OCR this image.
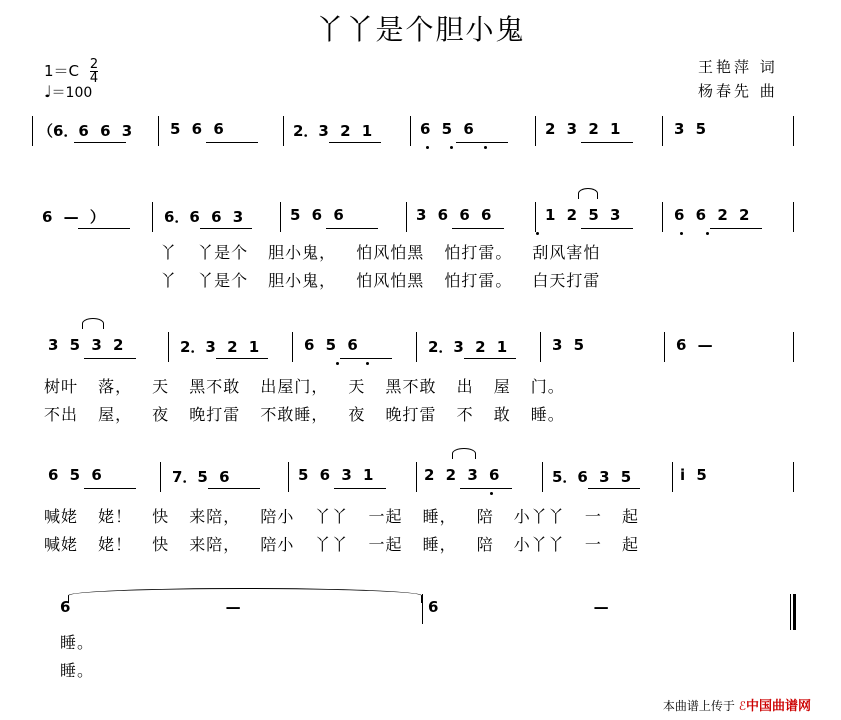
丫丫是个胆小鬼
$1=C \frac{2}{4}$
♩＝100
王艳萍 词
杨春先 曲
（6．6 6 3	5 6 6	2．3 2 1	6 5 6	2 3 2 1	3 5
6 — ）	6．6 6 3	5 6 6	3 6 6 6	1 2 5 3	6 6 2 2
丫 丫是个 胆小鬼， 怕风怕黑 怕打雷。 刮风害怕
丫 丫是个 胆小鬼， 怕风怕黑 怕打雷。 白天打雷
3 5 3 2	2．3 2 1	6 5 6	2．3 2 1	3 5	6 —
树叶 落， 天 黑不敢 出屋门， 天 黑不敢 出 屋 门。
不出 屋， 夜 晚打雷 不敢睡， 夜 晚打雷 不 敢 睡。
6 5 6	7．5 6	5 6 3 1	2 2 3 6	5．6 3 5	i 5
喊姥 姥！ 快 来陪， 陪小 丫丫 一起 睡， 陪 小丫丫 一 起
喊姥 姥！ 快 来陪， 陪小 丫丫 一起 睡， 陪 小丫丫 一 起
6 —	6 —
睡。
睡。
本曲谱上传于 ℰ中国曲谱网
